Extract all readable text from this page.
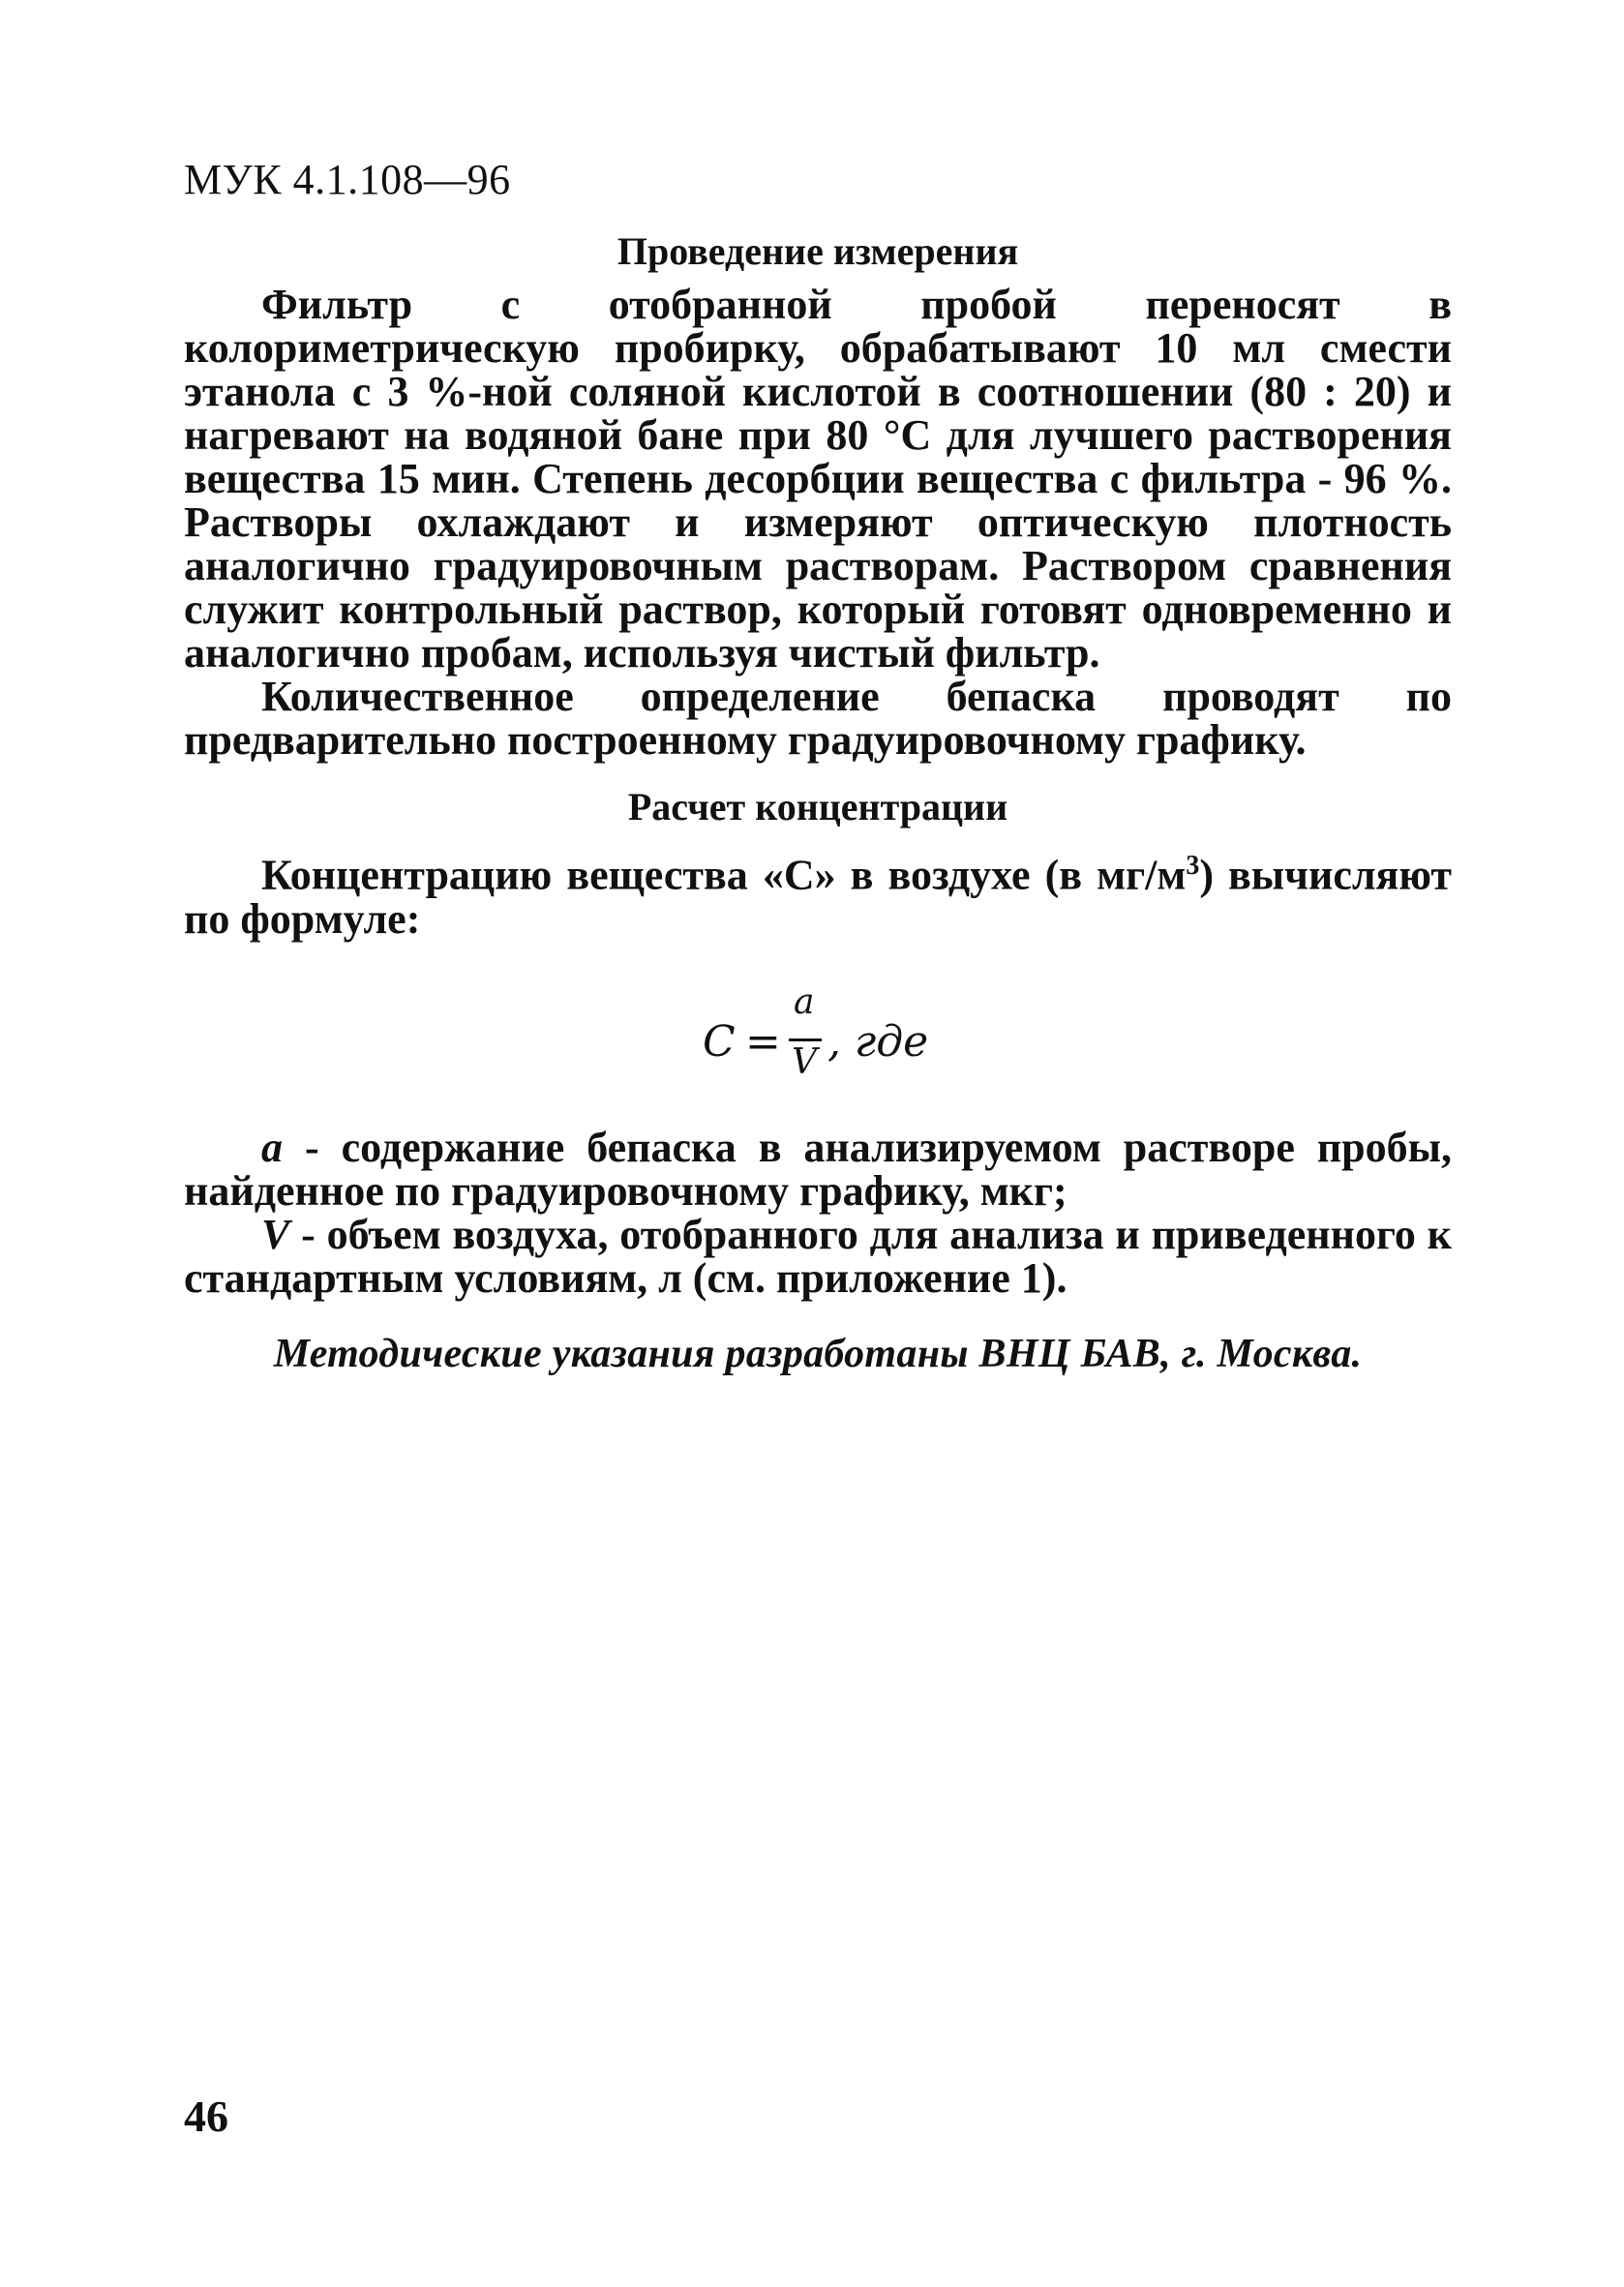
МУК 4.1.108—96
Проведение измерения
Фильтр с отобранной пробой переносят в колориметрическую пробирку, обрабатывают 10 мл смести этанола с 3 %-ной соляной кислотой в соотношении (80 : 20) и нагревают на водяной бане при 80 °С для лучшего растворения вещества 15 мин. Степень десорбции вещества с фильтра - 96 %. Растворы охлаждают и измеряют оптическую плотность аналогично градуировочным растворам. Раствором сравнения служит контрольный раствор, который готовят одновременно и аналогично пробам, используя чистый фильтр.
Количественное определение бепаска проводят по предварительно построенному градуировочному графику.
Расчет концентрации
Концентрацию вещества «С» в воздухе (в $мг/м^3$) вычисляют по формуле:
С =
a
V , где
a - содержание бепаска в анализируемом растворе пробы, найденное по градуировочному графику, мкг;
V - объем воздуха, отобранного для анализа и приведенного к стандартным условиям, л (см. приложение 1).
Методические указания разработаны ВНЦ БАВ, г. Москва.
46
